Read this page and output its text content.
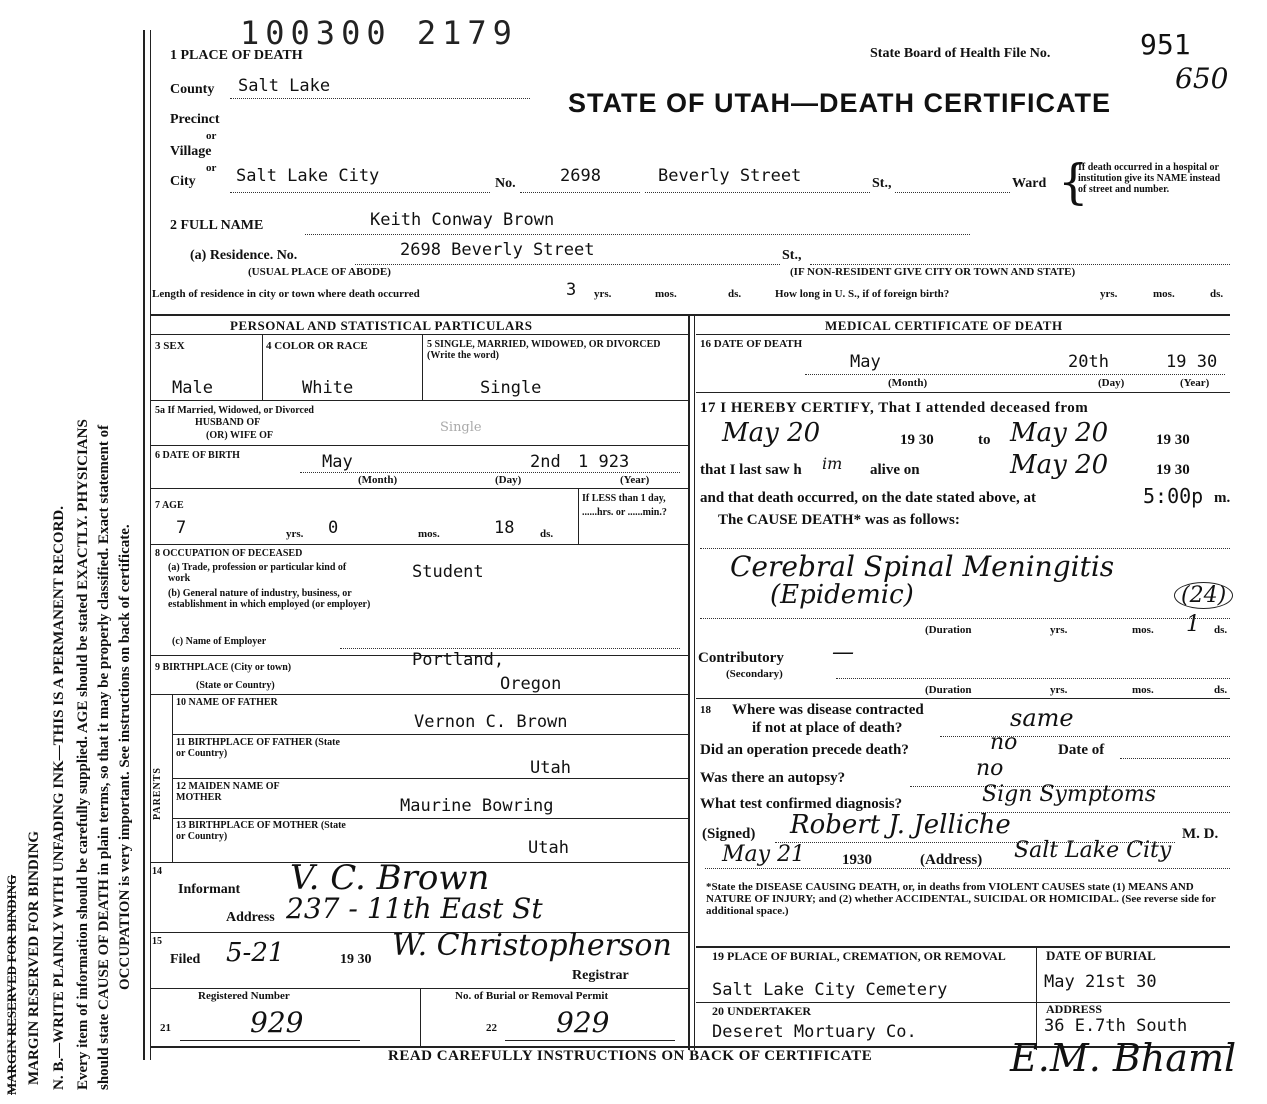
MARGIN RESERVED FOR BINDING MARGIN RESERVED FOR BINDING N. B.—WRITE PLAINLY WITH UNFADING INK—THIS IS A PERMANENT RECORD. Every item of information should be carefully supplied. AGE should be stated EXACTLY. PHYSICIANS should state CAUSE OF DEATH in plain terms, so that it may be properly classified. Exact statement of OCCUPATION is very important. See instructions on back of certificate.
100300 2179
1 PLACE OF DEATH	State Board of Health File No.	951
650
STATE OF UTAH—DEATH CERTIFICATE
County Salt Lake
Precinct
or
Village
or
City Salt Lake City	No.	2698	Beverly Street	St.,	Ward {
If death occurred in a hospital or institution give its NAME instead of street and number.
2 FULL NAME	Keith Conway Brown
(a) Residence. No.	2698 Beverly Street	St.,
(USUAL PLACE OF ABODE)	(IF NON-RESIDENT GIVE CITY OR TOWN AND STATE)
Length of residence in city or town where death occurred	3 yrs.	mos.	ds.	How long in U. S., if of foreign birth?	yrs.	mos.	ds.
PERSONAL AND STATISTICAL PARTICULARS	MEDICAL CERTIFICATE OF DEATH
3 SEX	4 COLOR OR RACE	5 SINGLE, MARRIED, WIDOWED, OR DIVORCED (Write the word)
Male	White	Single
5a If Married, Widowed, or Divorced
HUSBAND OF
(OR) WIFE OF
Single
6 DATE OF BIRTH	May	2nd 1 923
(Month)	(Day)	(Year)
7 AGE
7	yrs. 0	mos.	18 ds.
If LESS than 1 day, ......hrs. or ......min.?
8 OCCUPATION OF DECEASED
(a) Trade, profession or particular kind of work	Student
(b) General nature of industry, business, or establishment in which employed (or employer)
(c) Name of Employer
9 BIRTHPLACE (City or town)	Portland,
(State or Country)	Oregon
PARENTS
10 NAME OF FATHER
Vernon C. Brown
11 BIRTHPLACE OF FATHER (State or Country)
Utah
12 MAIDEN NAME OF MOTHER	Maurine Bowring
13 BIRTHPLACE OF MOTHER (State or Country)
Utah
14
Informant V. C. Brown
Address 237 - 11th East St
15
Filed 5-21	19 30 W. Christopherson
Registrar
Registered Number	No. of Burial or Removal Permit
21	929	22 929
16 DATE OF DEATH
May	20th	19 30
(Month)	(Day)	(Year)
17 I HEREBY CERTIFY, That I attended deceased from
May 20	19 30	to May 20	19 30
that I last saw h im alive on	May 20	19 30
and that death occurred, on the date stated above, at	5:00p m.
The CAUSE DEATH* was as follows:
Cerebral Spinal Meningitis
(Epidemic)	(24)
(Duration	yrs.	mos. 1 ds.
Contributory —
(Secondary)
(Duration	yrs.	mos.	ds.
18 Where was disease contracted
if not at place of death?	same
Did an operation precede death?	no	Date of
Was there an autopsy?	no
What test confirmed diagnosis?	Sign Symptoms
(Signed) Robert J. Jelliche	M. D.
May 21 1930	(Address) Salt Lake City
*State the DISEASE CAUSING DEATH, or, in deaths from VIOLENT CAUSES state (1) MEANS AND NATURE OF INJURY; and (2) whether ACCIDENTAL, SUICIDAL OR HOMICIDAL. (See reverse side for additional space.)
19 PLACE OF BURIAL, CREMATION, OR REMOVAL
Salt Lake City Cemetery
DATE OF BURIAL
May 21st 30
20 UNDERTAKER
Deseret Mortuary Co.
ADDRESS
36 E.7th South
READ CAREFULLY INSTRUCTIONS ON BACK OF CERTIFICATE	E.M. Bhaml
